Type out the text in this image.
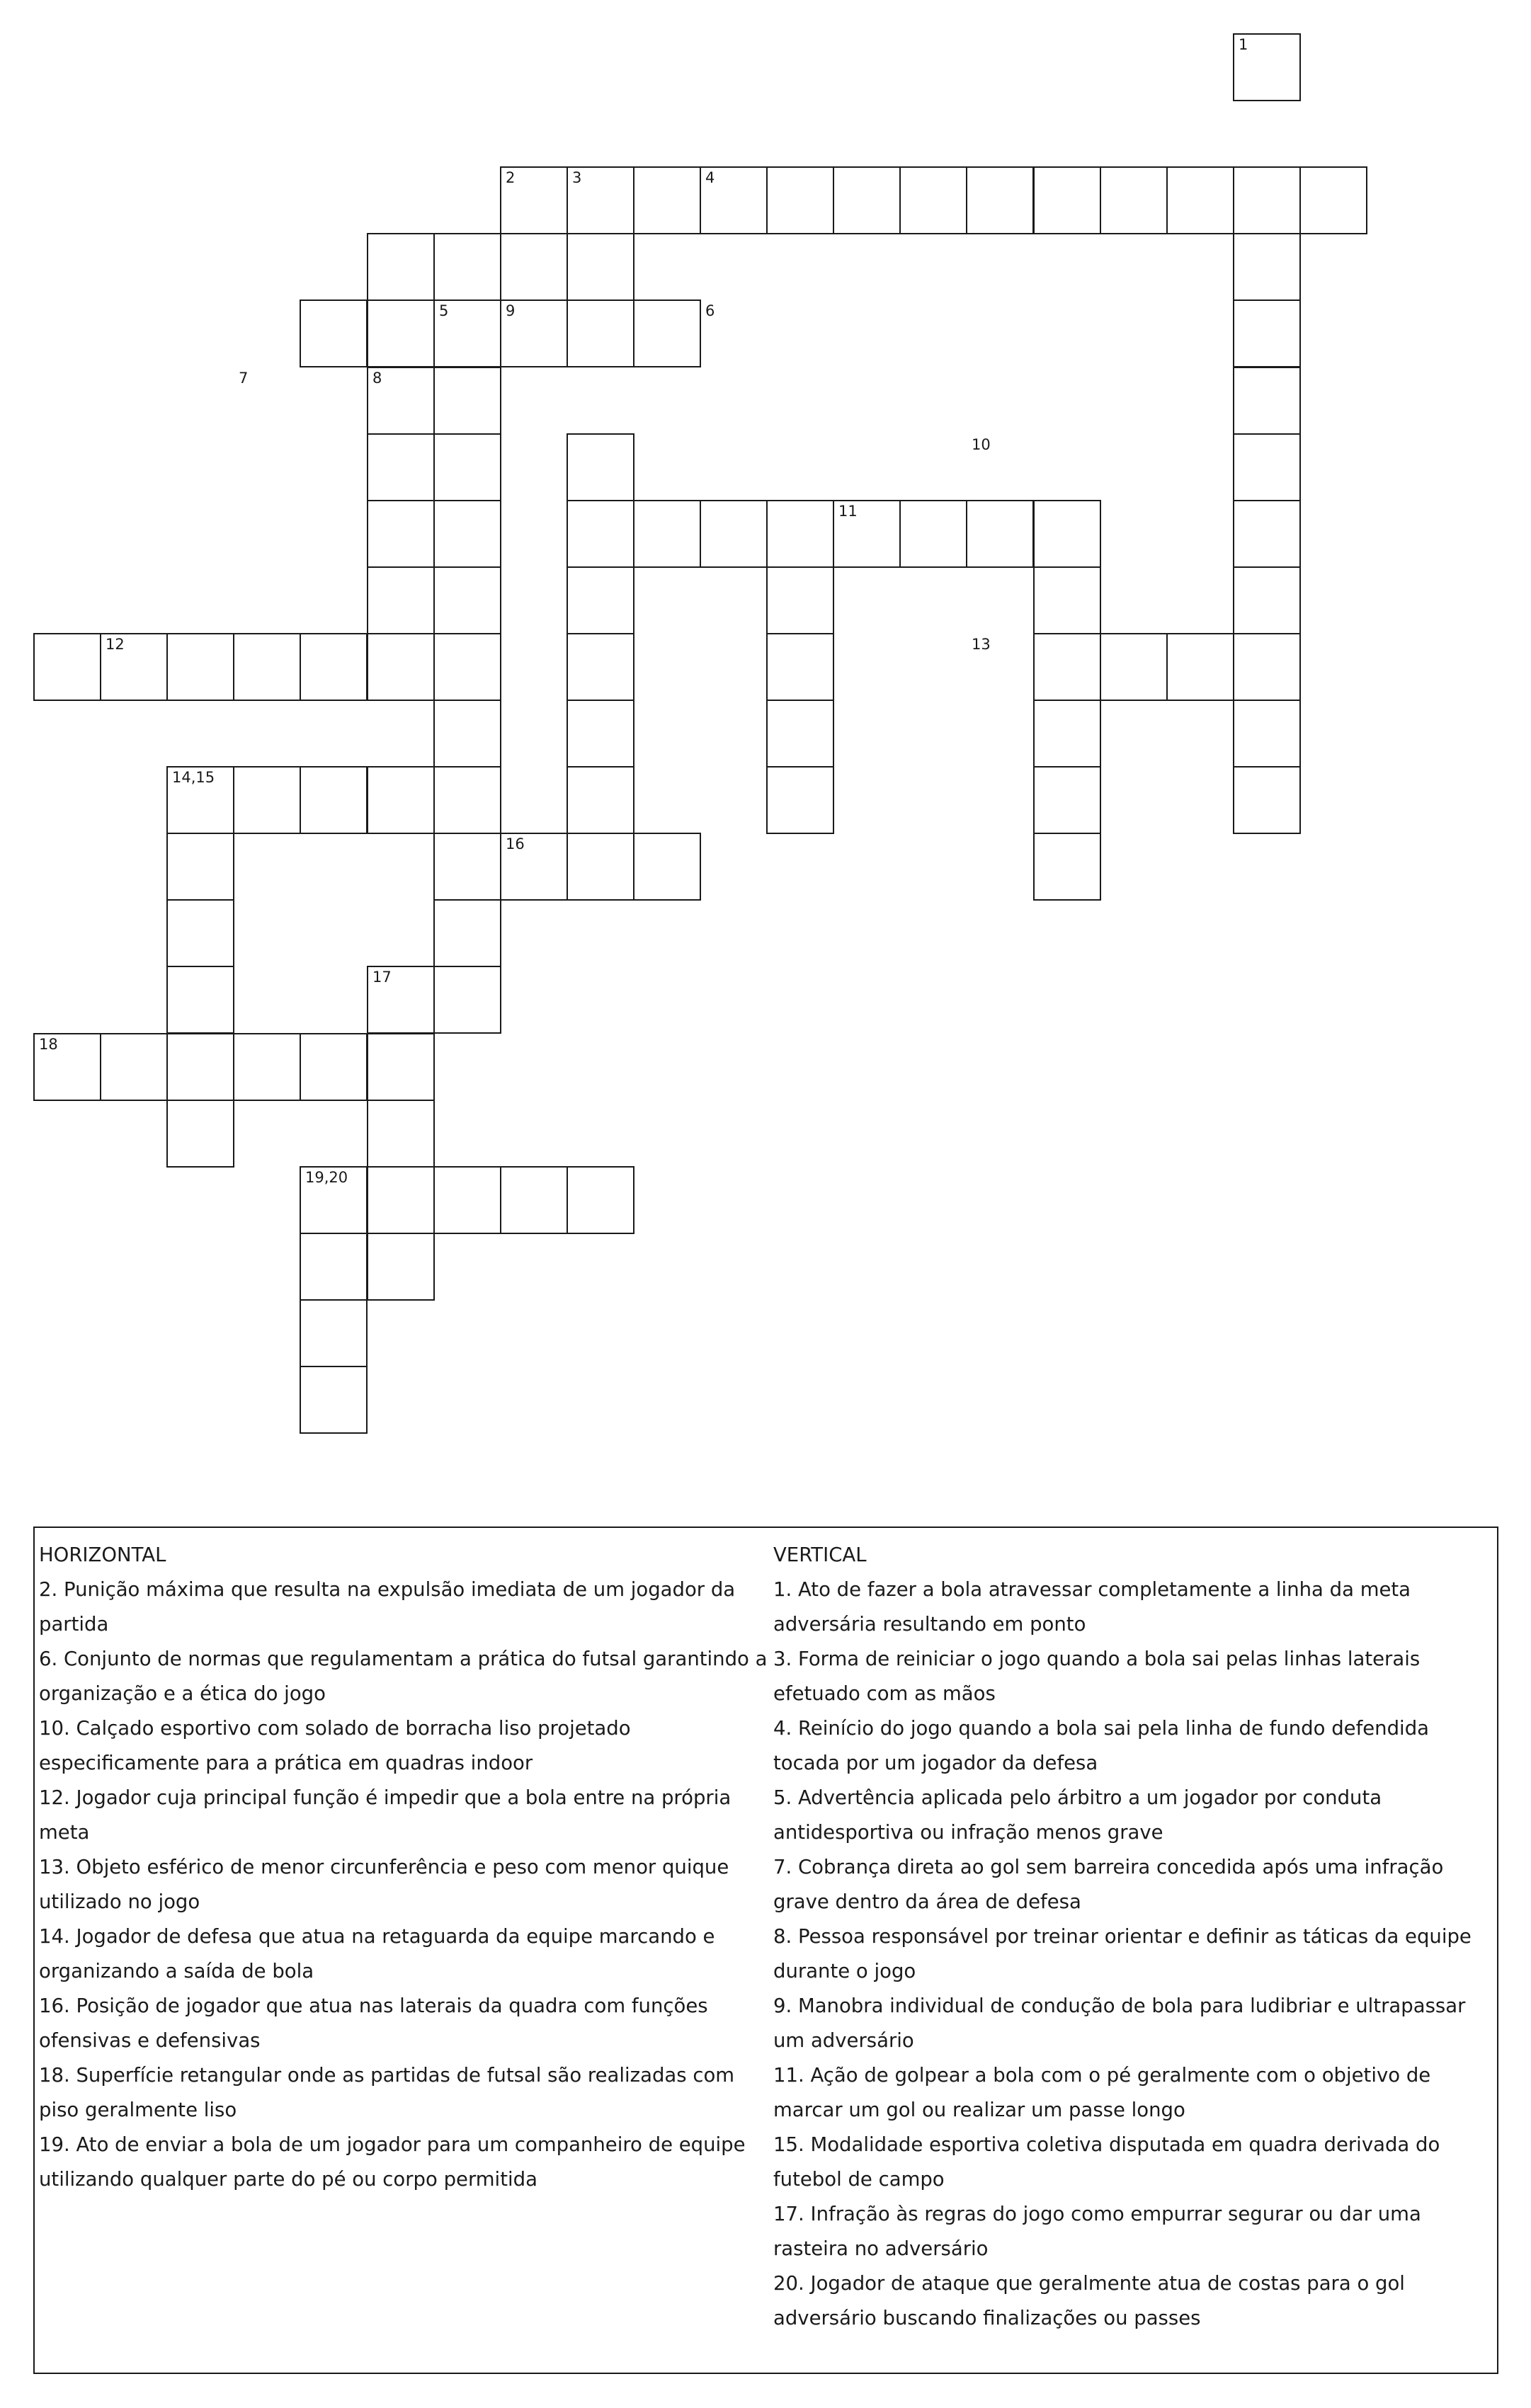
1
2	3	4
5	6
7	8
9
10
11
12	13
14,15
16
17
18
19,20
HORIZONTAL
2. Punição máxima que resulta na expulsão imediata de um jogador da partida
6. Conjunto de normas que regulamentam a prática do futsal garantindo a organização e a ética do jogo
10. Calçado esportivo com solado de borracha liso projetado especificamente para a prática em quadras indoor
12. Jogador cuja principal função é impedir que a bola entre na própria meta
13. Objeto esférico de menor circunferência e peso com menor quique utilizado no jogo
14. Jogador de defesa que atua na retaguarda da equipe marcando e organizando a saída de bola
16. Posição de jogador que atua nas laterais da quadra com funções ofensivas e defensivas
18. Superfície retangular onde as partidas de futsal são realizadas com piso geralmente liso
19. Ato de enviar a bola de um jogador para um companheiro de equipe utilizando qualquer parte do pé ou corpo permitida
VERTICAL
1. Ato de fazer a bola atravessar completamente a linha da meta adversária resultando em ponto
3. Forma de reiniciar o jogo quando a bola sai pelas linhas laterais efetuado com as mãos
4. Reinício do jogo quando a bola sai pela linha de fundo defendida tocada por um jogador da defesa
5. Advertência aplicada pelo árbitro a um jogador por conduta antidesportiva ou infração menos grave
7. Cobrança direta ao gol sem barreira concedida após uma infração grave dentro da área de defesa
8. Pessoa responsável por treinar orientar e definir as táticas da equipe durante o jogo
9. Manobra individual de condução de bola para ludibriar e ultrapassar um adversário
11. Ação de golpear a bola com o pé geralmente com o objetivo de marcar um gol ou realizar um passe longo
15. Modalidade esportiva coletiva disputada em quadra derivada do futebol de campo
17. Infração às regras do jogo como empurrar segurar ou dar uma rasteira no adversário
20. Jogador de ataque que geralmente atua de costas para o gol adversário buscando finalizações ou passes
